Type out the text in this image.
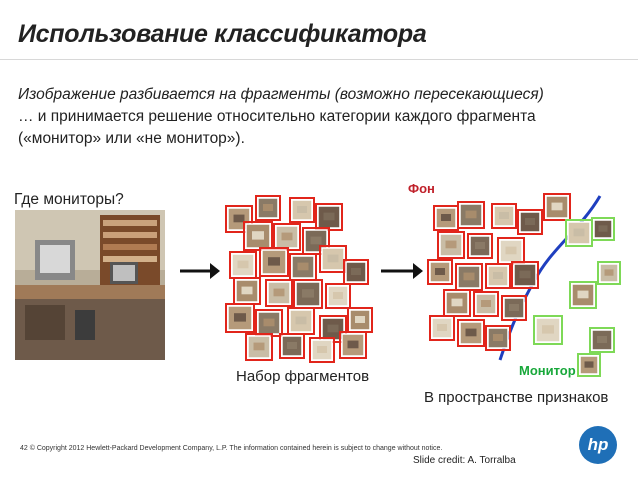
Использование классификатора
Изображение разбивается на фрагменты (возможно пересекающиеся)
… и принимается решение относительно категории каждого фрагмента
(«монитор» или «не монитор»).
Где мониторы?
Фон
Монитор
Набор фрагментов
В пространстве признаков
42 © Copyright 2012 Hewlett-Packard Development Company, L.P. The information contained herein is subject to change without notice.
Slide credit: A. Torralba
hp
